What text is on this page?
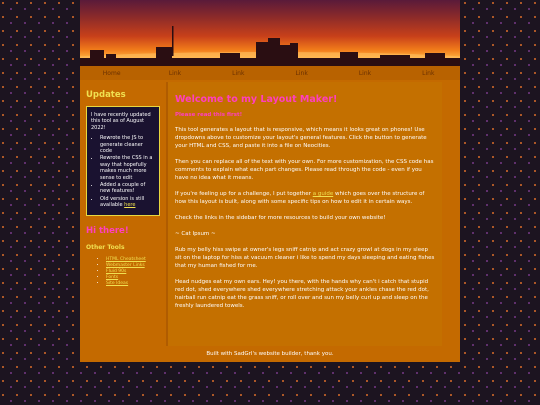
Home	Link	Link	Link	Link	Link
Updates

I have recently updated this tool as of August 2022!

• Rewrote the JS to generate cleaner code
• Rewrote the CSS in a way that hopefully makes much more sense to edit
• Added a couple of new features!
• Old version is still available here
Hi there!
Other Tools
• HTML Cheatsheet
• Webmaster Links
• Fluid 90s
• Fonts
• Site Ideas
Welcome to my Layout Maker!
Please read this first!

This tool generates a layout that is responsive, which means it looks great on phones! Use dropdowns above to customize your layout's general features. Click the button to generate your HTML and CSS, and paste it into a file on Neocities.

Then you can replace all of the text with your own. For more customization, the CSS code has comments to explain what each part changes. Please read through the code - even if you have no idea what it means.

If you're feeling up for a challenge, I put together a guide which goes over the structure of how this layout is built, along with some specific tips on how to edit it in certain ways.

Check the links in the sidebar for more resources to build your own website!

~ Cat Ipsum ~

Rub my belly hiss swipe at owner's legs sniff catnip and act crazy growl at dogs in my sleep sit on the laptop for hiss at vacuum cleaner i like to spend my days sleeping and eating fishes that my human fished for me.

Head nudges eat my own ears. Hey! you there, with the hands why can't i catch that stupid red dot, shed everywhere shed everywhere stretching attack your ankles chase the red dot, hairball run catnip eat the grass sniff, or roll over and sun my belly curl up and sleep on the freshly laundered towels.

Built with SadGrl's website builder, thank you.
